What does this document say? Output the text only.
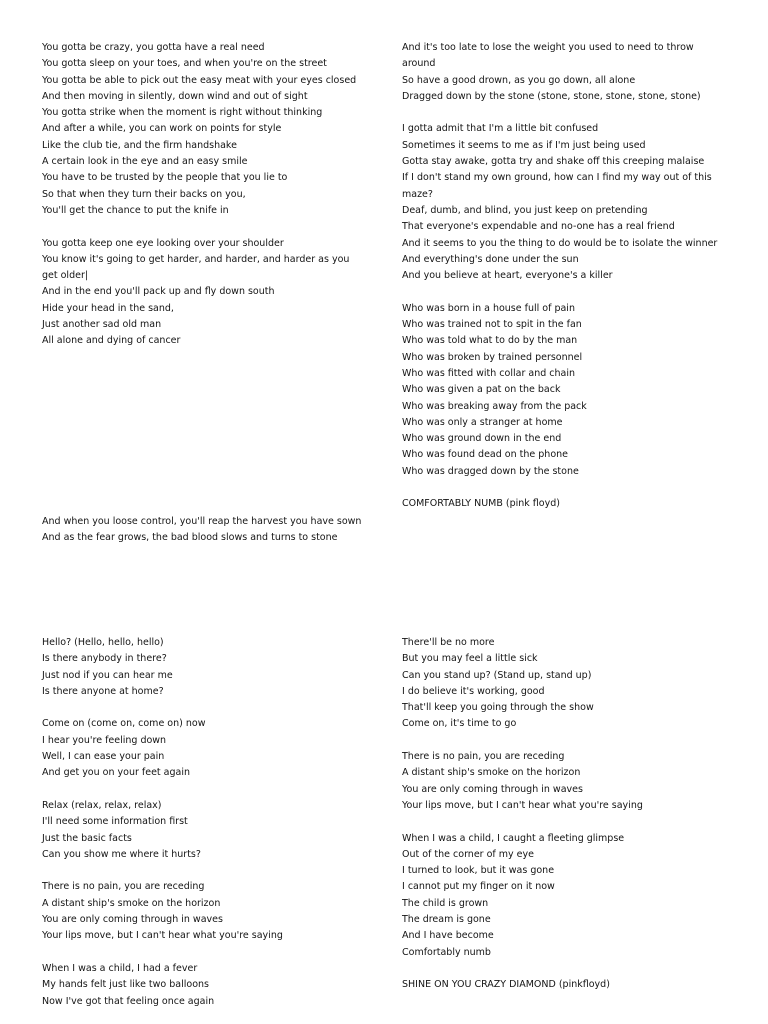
You gotta be crazy, you gotta have a real need
You gotta sleep on your toes, and when you're on the street
You gotta be able to pick out the easy meat with your eyes closed
And then moving in silently, down wind and out of sight
You gotta strike when the moment is right without thinking
And after a while, you can work on points for style
Like the club tie, and the firm handshake
A certain look in the eye and an easy smile
You have to be trusted by the people that you lie to
So that when they turn their backs on you,
You'll get the chance to put the knife in
You gotta keep one eye looking over your shoulder
You know it's going to get harder, and harder, and harder as you
get older|
And in the end you'll pack up and fly down south
Hide your head in the sand,
Just another sad old man
All alone and dying of cancer
And it's too late to lose the weight you used to need to throw
around
So have a good drown, as you go down, all alone
Dragged down by the stone (stone, stone, stone, stone, stone)
I gotta admit that I'm a little bit confused
Sometimes it seems to me as if I'm just being used
Gotta stay awake, gotta try and shake off this creeping malaise
If I don't stand my own ground, how can I find my way out of this
maze?
Deaf, dumb, and blind, you just keep on pretending
That everyone's expendable and no-one has a real friend
And it seems to you the thing to do would be to isolate the winner
And everything's done under the sun
And you believe at heart, everyone's a killer
Who was born in a house full of pain
Who was trained not to spit in the fan
Who was told what to do by the man
Who was broken by trained personnel
Who was fitted with collar and chain
Who was given a pat on the back
Who was breaking away from the pack
Who was only a stranger at home
Who was ground down in the end
Who was found dead on the phone
Who was dragged down by the stone
COMFORTABLY NUMB (pink floyd)
And when you loose control, you'll reap the harvest you have sown
And as the fear grows, the bad blood slows and turns to stone
Hello? (Hello, hello, hello)
Is there anybody in there?
Just nod if you can hear me
Is there anyone at home?
Come on (come on, come on) now
I hear you're feeling down
Well, I can ease your pain
And get you on your feet again
Relax (relax, relax, relax)
I'll need some information first
Just the basic facts
Can you show me where it hurts?
There is no pain, you are receding
A distant ship's smoke on the horizon
You are only coming through in waves
Your lips move, but I can't hear what you're saying
When I was a child, I had a fever
My hands felt just like two balloons
Now I've got that feeling once again
There'll be no more
But you may feel a little sick
Can you stand up? (Stand up, stand up)
I do believe it's working, good
That'll keep you going through the show
Come on, it's time to go
There is no pain, you are receding
A distant ship's smoke on the horizon
You are only coming through in waves
Your lips move, but I can't hear what you're saying
When I was a child, I caught a fleeting glimpse
Out of the corner of my eye
I turned to look, but it was gone
I cannot put my finger on it now
The child is grown
The dream is gone
And I have become
Comfortably numb
SHINE ON YOU CRAZY DIAMOND (pinkfloyd)
